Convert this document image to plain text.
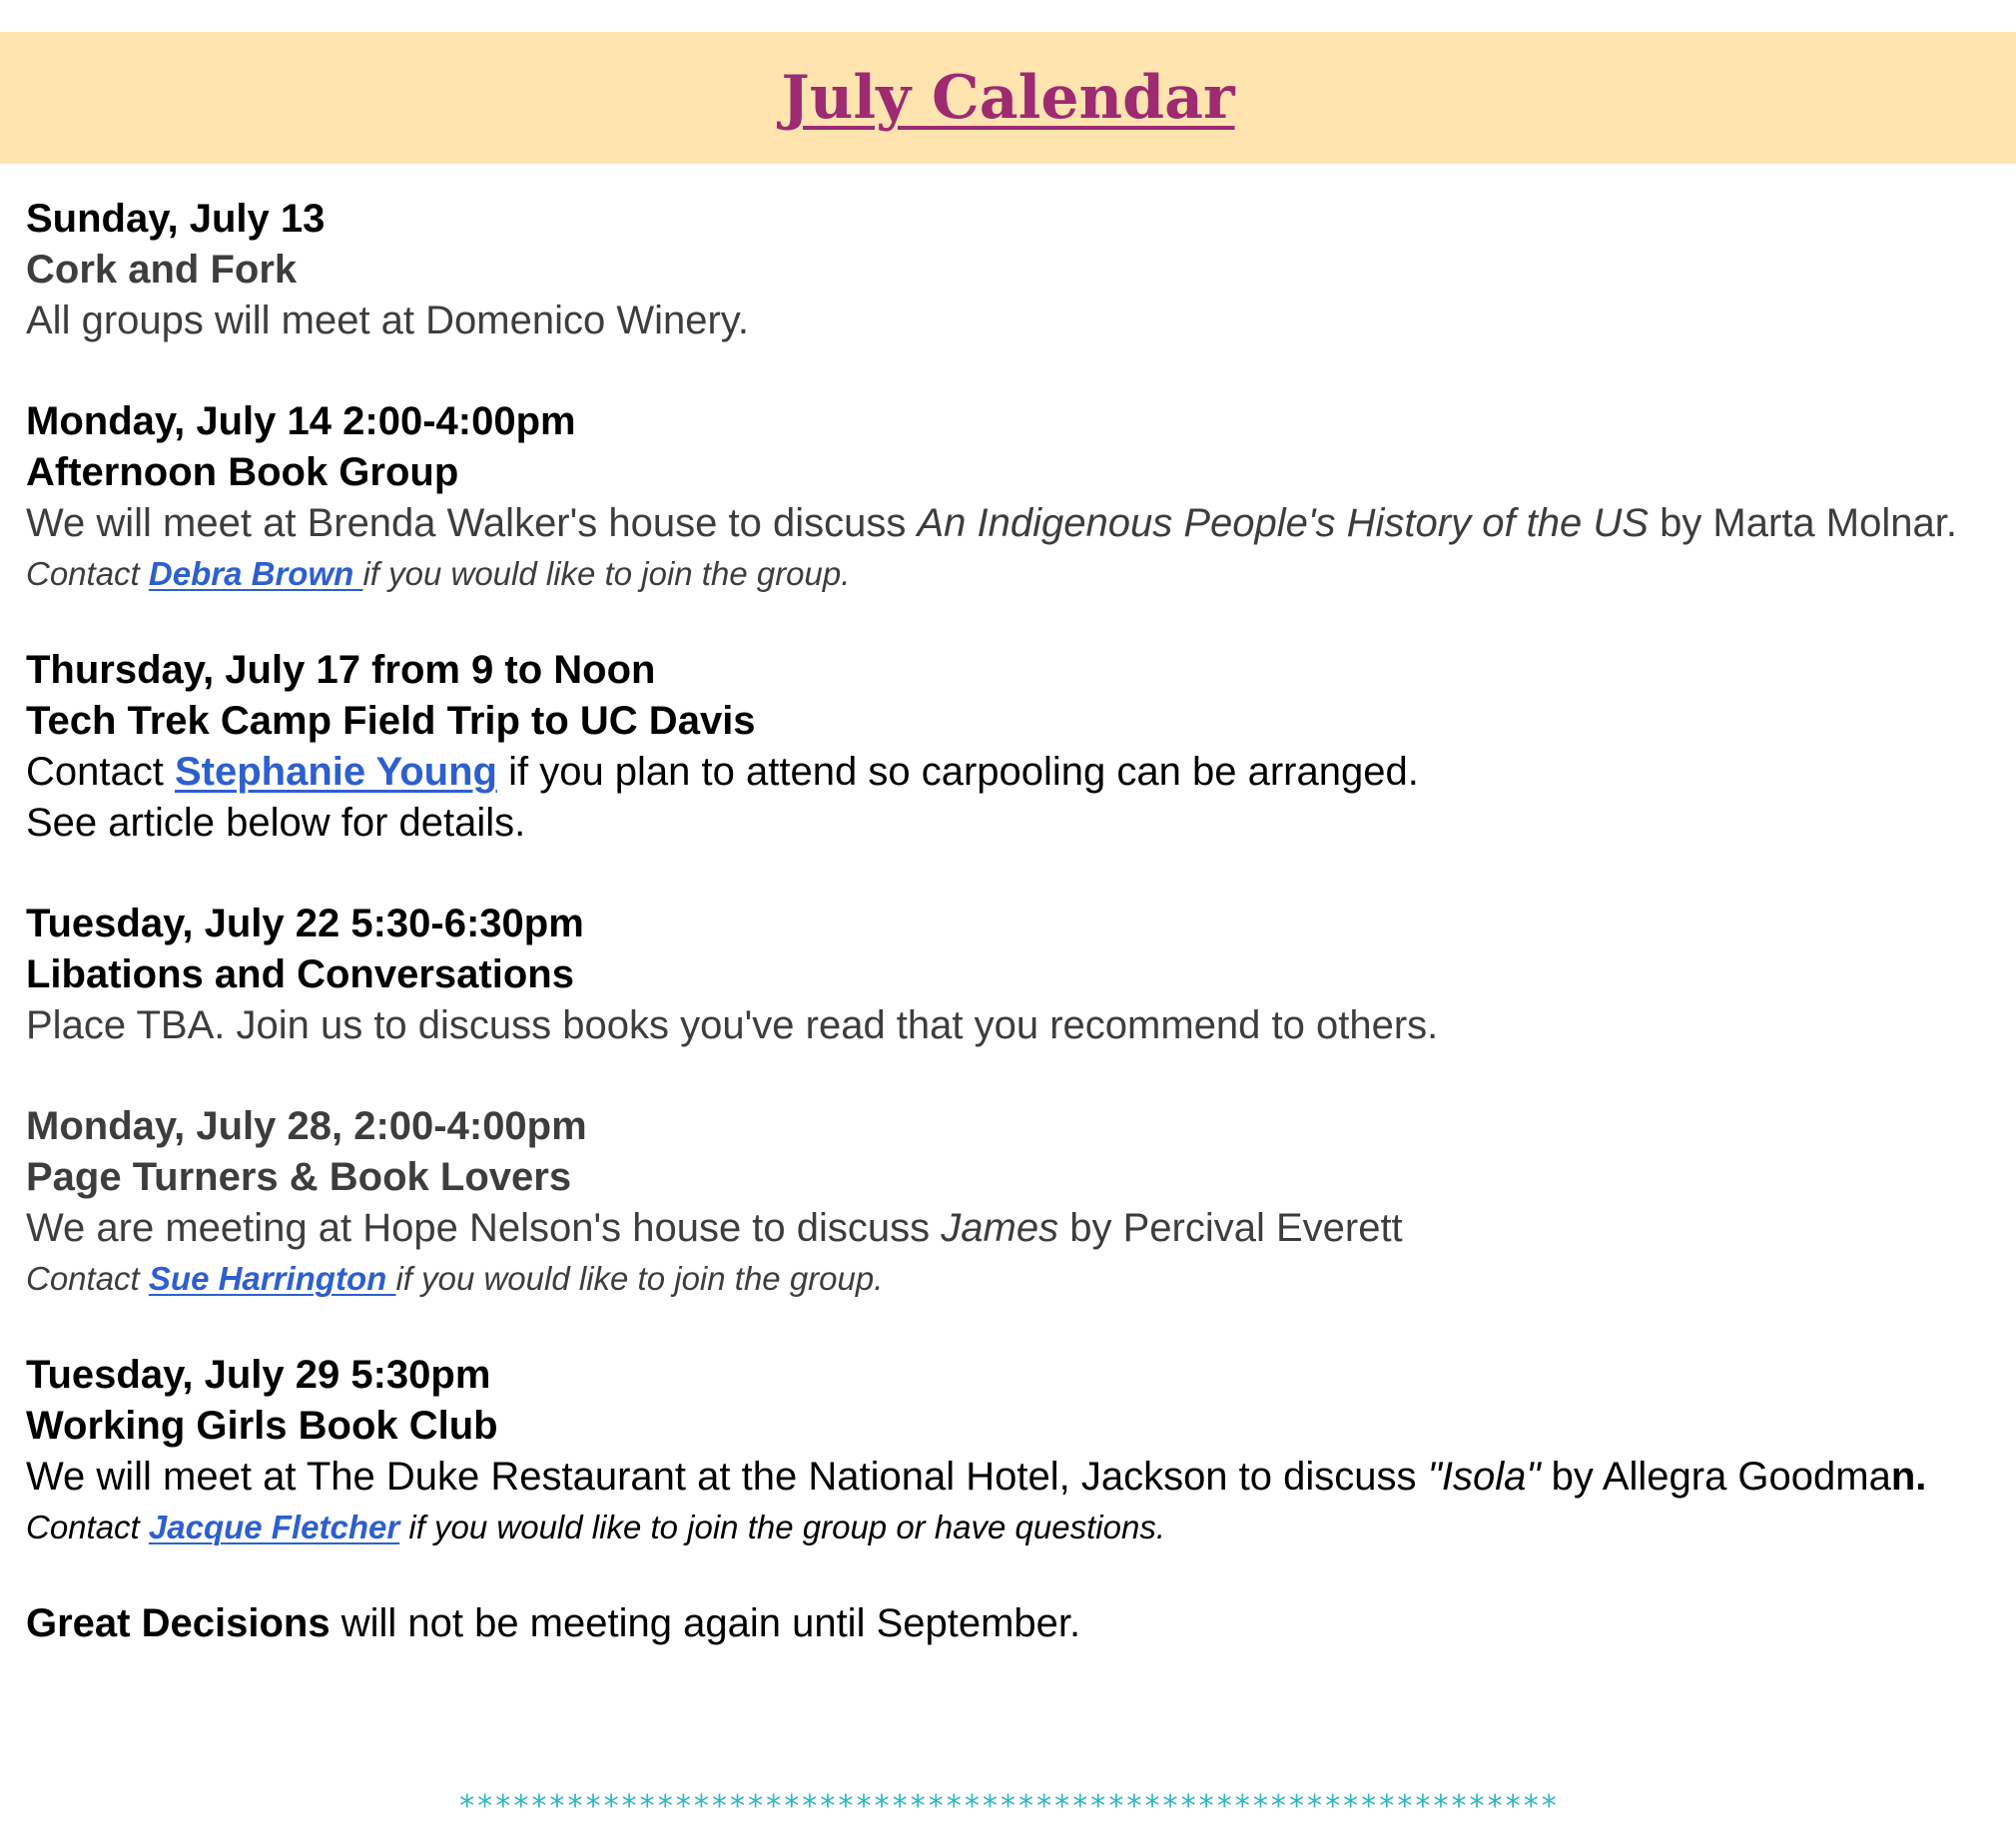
July Calendar
Sunday, July 13
Cork and Fork
All groups will meet at Domenico Winery.
Monday, July 14 2:00-4:00pm
Afternoon Book Group
We will meet at Brenda Walker's house to discuss An Indigenous People's History of the US by Marta Molnar.
Contact Debra Brown if you would like to join the group.
Thursday, July 17 from 9 to Noon
Tech Trek Camp Field Trip to UC Davis
Contact Stephanie Young if you plan to attend so carpooling can be arranged.
See article below for details.
Tuesday, July 22 5:30-6:30pm
Libations and Conversations
Place TBA. Join us to discuss books you've read that you recommend to others.
Monday, July 28, 2:00-4:00pm
Page Turners & Book Lovers
We are meeting at Hope Nelson's house to discuss James by Percival Everett
Contact Sue Harrington if you would like to join the group.
Tuesday, July 29 5:30pm
Working Girls Book Club
We will meet at The Duke Restaurant at the National Hotel, Jackson to discuss "Isola" by Allegra Goodman.
Contact Jacque Fletcher if you would like to join the group or have questions.
Great Decisions will not be meeting again until September.
*************************************************************
